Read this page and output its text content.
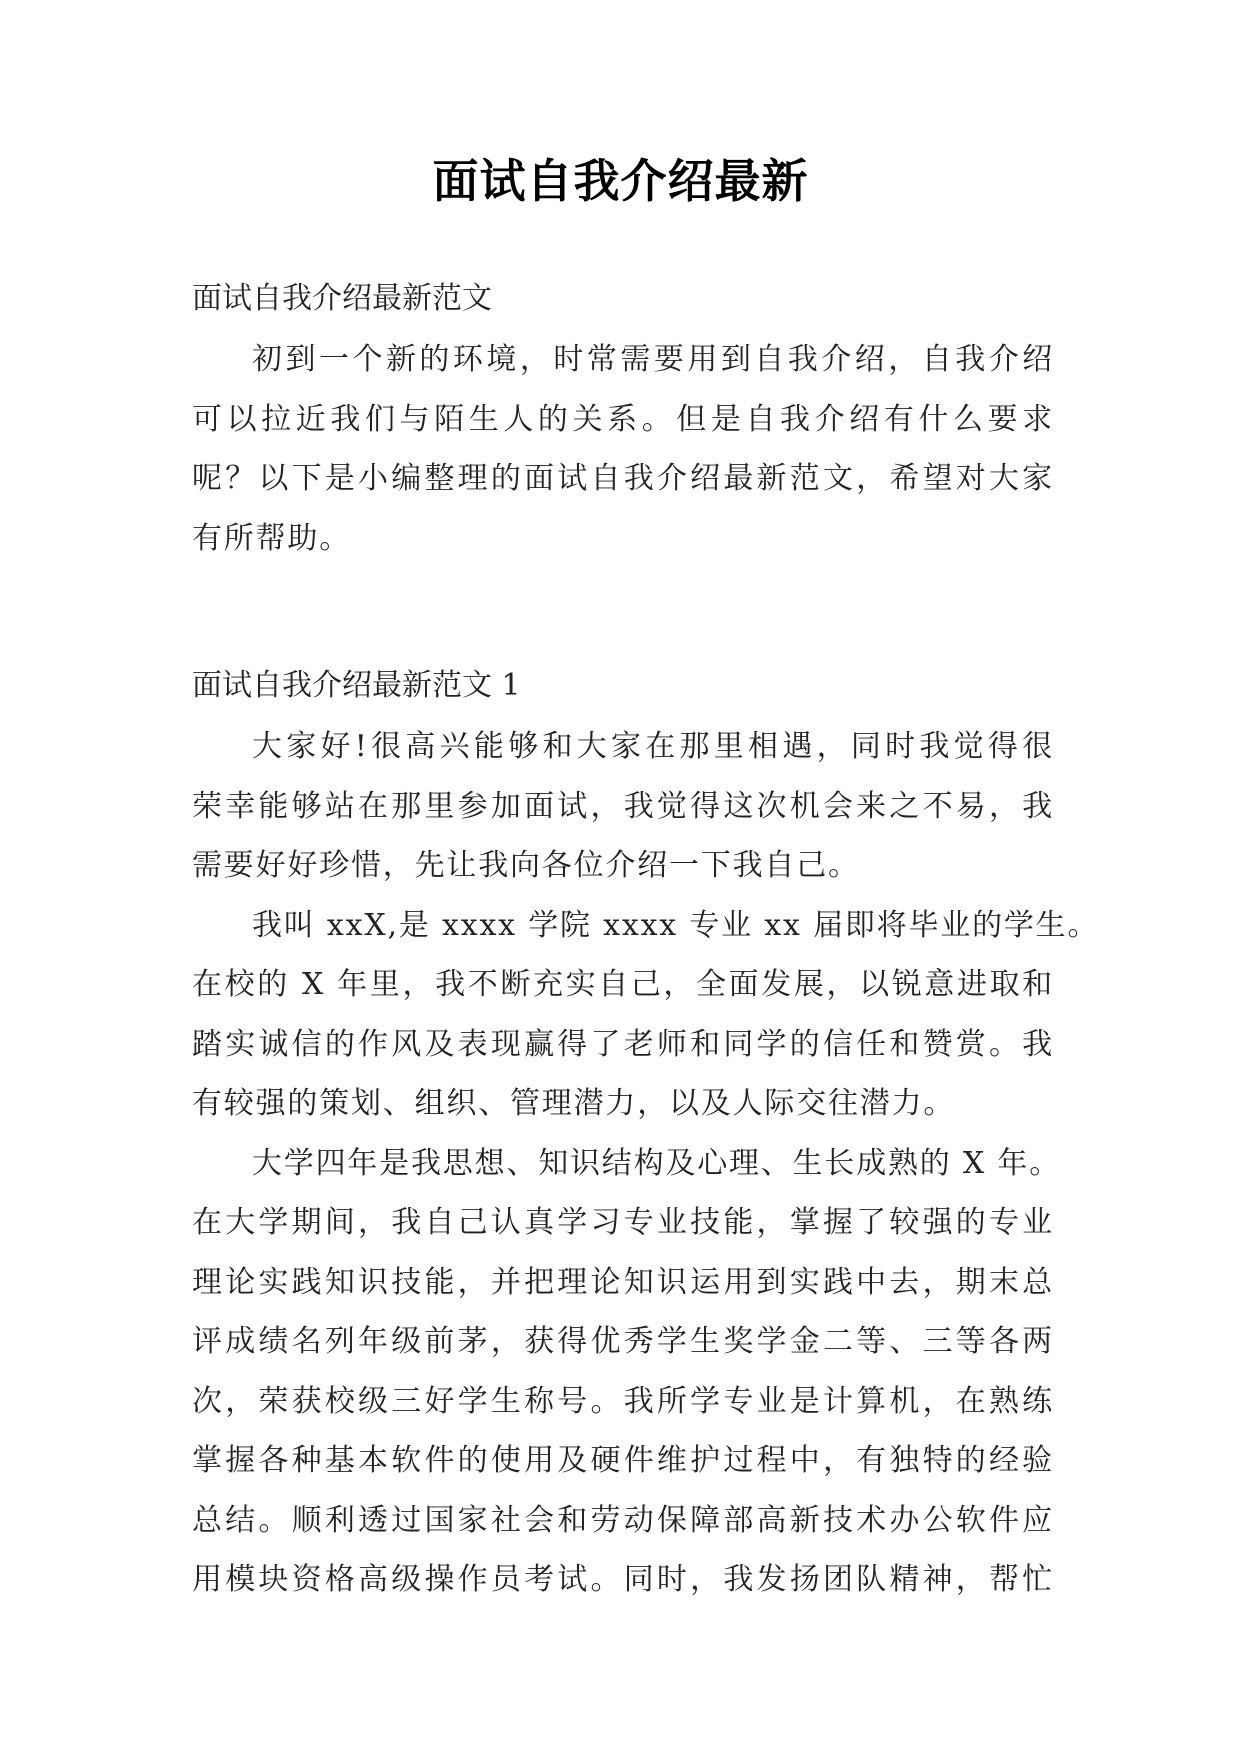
面试自我介绍最新

面试自我介绍最新范文

初到一个新的环境，时常需要用到自我介绍，自我介绍
可以拉近我们与陌生人的关系。但是自我介绍有什么要求
呢？以下是小编整理的面试自我介绍最新范文，希望对大家
有所帮助。

面试自我介绍最新范文 1

大家好!很高兴能够和大家在那里相遇，同时我觉得很
荣幸能够站在那里参加面试，我觉得这次机会来之不易，我
需要好好珍惜，先让我向各位介绍一下我自己。

我叫 xxX,是 xxxx 学院 xxxx 专业 xx 届即将毕业的学生。
在校的 X 年里，我不断充实自己，全面发展，以锐意进取和
踏实诚信的作风及表现赢得了老师和同学的信任和赞赏。我
有较强的策划、组织、管理潜力，以及人际交往潜力。

大学四年是我思想、知识结构及心理、生长成熟的 X 年。
在大学期间，我自己认真学习专业技能，掌握了较强的专业
理论实践知识技能，并把理论知识运用到实践中去，期末总
评成绩名列年级前茅，获得优秀学生奖学金二等、三等各两
次，荣获校级三好学生称号。我所学专业是计算机，在熟练
掌握各种基本软件的使用及硬件维护过程中，有独特的经验
总结。顺利透过国家社会和劳动保障部高新技术办公软件应
用模块资格高级操作员考试。同时，我发扬团队精神，帮忙
